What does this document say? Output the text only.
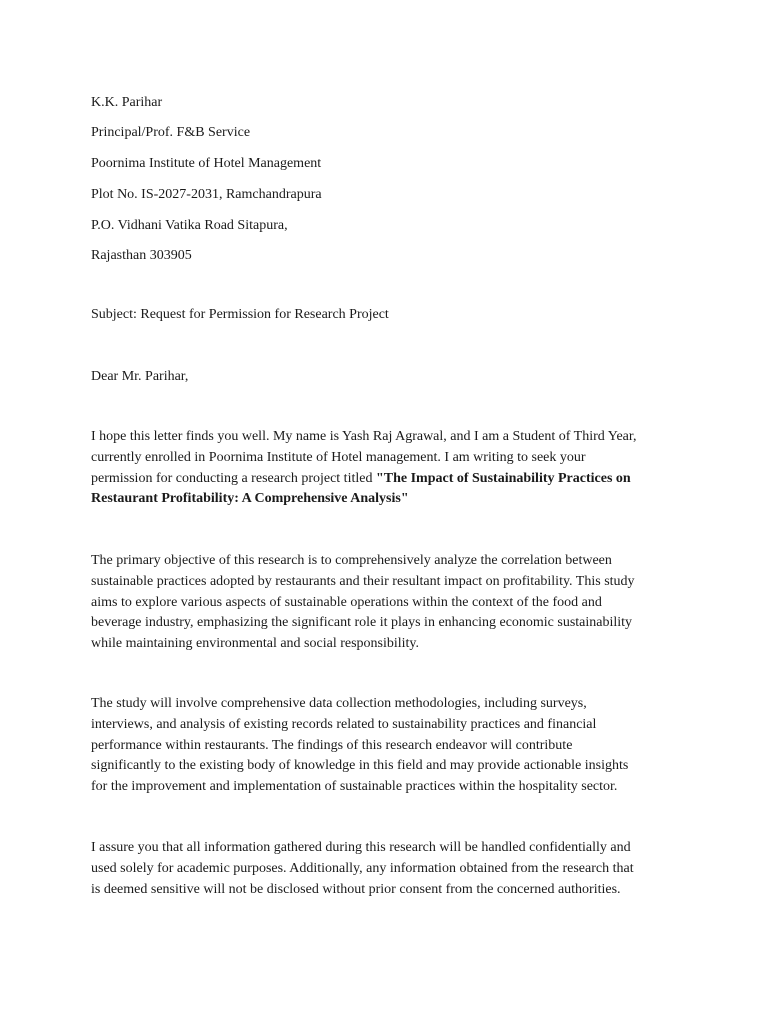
K.K. Parihar
Principal/Prof. F&B Service
Poornima Institute of Hotel Management
Plot No. IS-2027-2031, Ramchandrapura
P.O. Vidhani Vatika Road Sitapura,
Rajasthan 303905
Subject: Request for Permission for Research Project
Dear Mr. Parihar,
I hope this letter finds you well. My name is Yash Raj Agrawal, and I am a Student of Third Year,
currently enrolled in Poornima Institute of Hotel management. I am writing to seek your
permission for conducting a research project titled "The Impact of Sustainability Practices on
Restaurant Profitability: A Comprehensive Analysis"
The primary objective of this research is to comprehensively analyze the correlation between
sustainable practices adopted by restaurants and their resultant impact on profitability. This study
aims to explore various aspects of sustainable operations within the context of the food and
beverage industry, emphasizing the significant role it plays in enhancing economic sustainability
while maintaining environmental and social responsibility.
The study will involve comprehensive data collection methodologies, including surveys,
interviews, and analysis of existing records related to sustainability practices and financial
performance within restaurants. The findings of this research endeavor will contribute
significantly to the existing body of knowledge in this field and may provide actionable insights
for the improvement and implementation of sustainable practices within the hospitality sector.
I assure you that all information gathered during this research will be handled confidentially and
used solely for academic purposes. Additionally, any information obtained from the research that
is deemed sensitive will not be disclosed without prior consent from the concerned authorities.
